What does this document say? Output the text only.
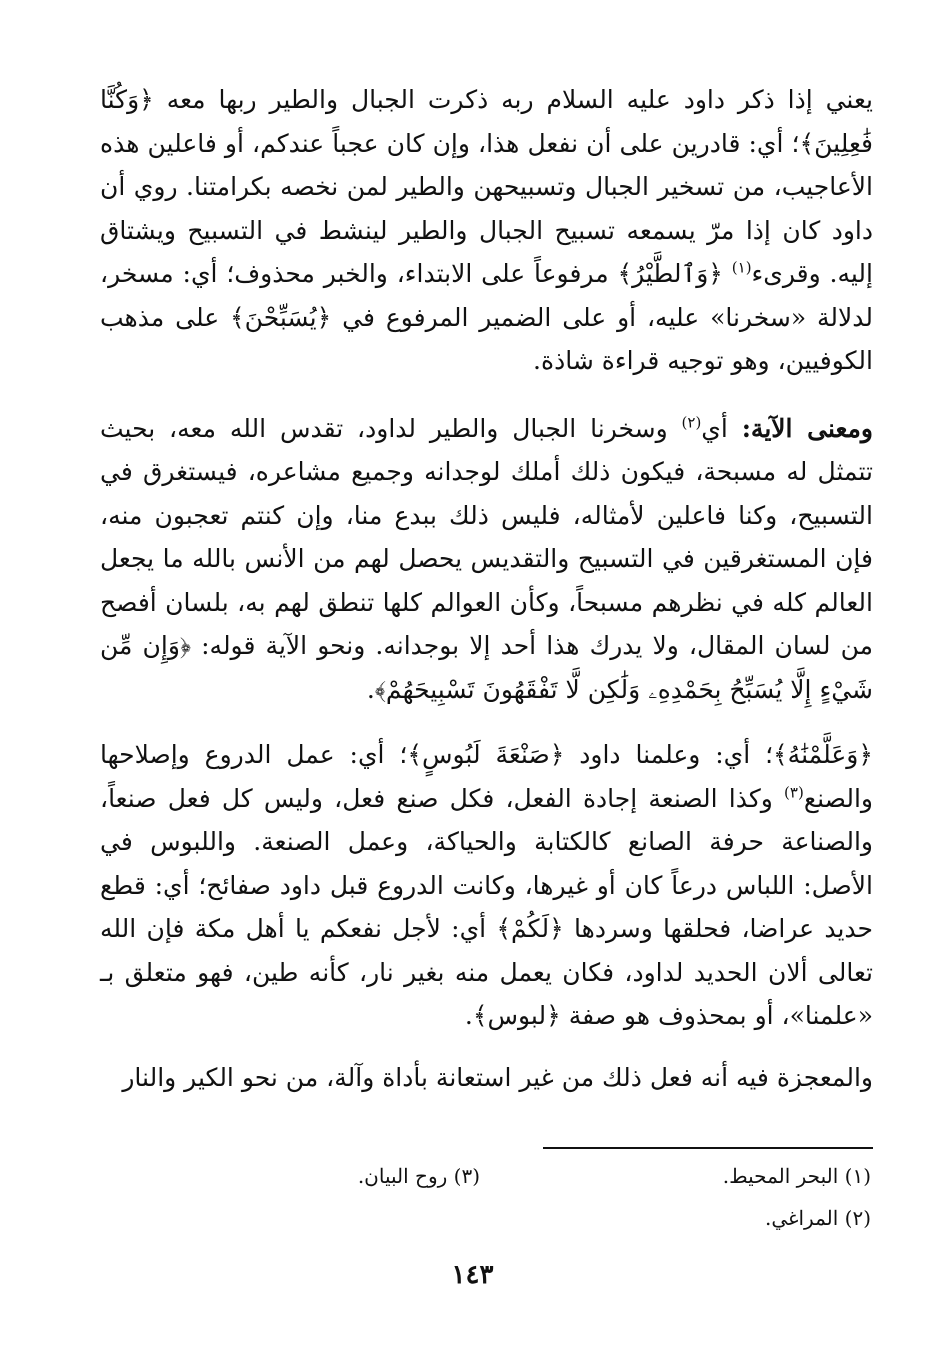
يعني إذا ذكر داود عليه السلام ربه ذكرت الجبال والطير ربها معه ﴿وَكُنَّا فَٰعِلِينَ﴾؛ أي: قادرين على أن نفعل هذا، وإن كان عجباً عندكم، أو فاعلين هذه الأعاجيب، من تسخير الجبال وتسبيحهن والطير لمن نخصه بكرامتنا. روي أن داود كان إذا مرّ يسمعه تسبيح الجبال والطير لينشط في التسبيح ويشتاق إليه. وقرىء$^{(١)}$ ﴿وَٱلطَّيْرُ﴾ مرفوعاً على الابتداء، والخبر محذوف؛ أي: مسخر، لدلالة «سخرنا» عليه، أو على الضمير المرفوع في ﴿يُسَبِّحْنَ﴾ على مذهب الكوفيين، وهو توجيه قراءة شاذة.

ومعنى الآية: أي$^{(٢)}$ وسخرنا الجبال والطير لداود، تقدس الله معه، بحيث تتمثل له مسبحة، فيكون ذلك أملك لوجدانه وجميع مشاعره، فيستغرق في التسبيح، وكنا فاعلين لأمثاله، فليس ذلك ببدع منا، وإن كنتم تعجبون منه، فإن المستغرقين في التسبيح والتقديس يحصل لهم من الأنس بالله ما يجعل العالم كله في نظرهم مسبحاً، وكأن العوالم كلها تنطق لهم به، بلسان أفصح من لسان المقال، ولا يدرك هذا أحد إلا بوجدانه. ونحو الآية قوله: ﴿وَإِن مِّن شَيْءٍ إِلَّا يُسَبِّحُ بِحَمْدِهِۦ وَلَٰكِن لَّا تَفْقَهُونَ تَسْبِيحَهُمْ﴾.

﴿وَعَلَّمْنَٰهُ﴾؛ أي: وعلمنا داود ﴿صَنْعَةَ لَبُوسٍ﴾؛ أي: عمل الدروع وإصلاحها والصنع$^{(٣)}$ وكذا الصنعة إجادة الفعل، فكل صنع فعل، وليس كل فعل صنعاً، والصناعة حرفة الصانع كالكتابة والحياكة، وعمل الصنعة. واللبوس في الأصل: اللباس درعاً كان أو غيرها، وكانت الدروع قبل داود صفائح؛ أي: قطع حديد عراضا، فحلقها وسردها ﴿لَكُمْ﴾ أي: لأجل نفعكم يا أهل مكة فإن الله تعالى ألان الحديد لداود، فكان يعمل منه بغير نار، كأنه طين، فهو متعلق بـ «علمنا»، أو بمحذوف هو صفة ﴿لبوس﴾.

والمعجزة فيه أنه فعل ذلك من غير استعانة بأداة وآلة، من نحو الكير والنار

(١) البحر المحيط.
(٣) روح البيان.
(٢) المراغي.
١٤٣
